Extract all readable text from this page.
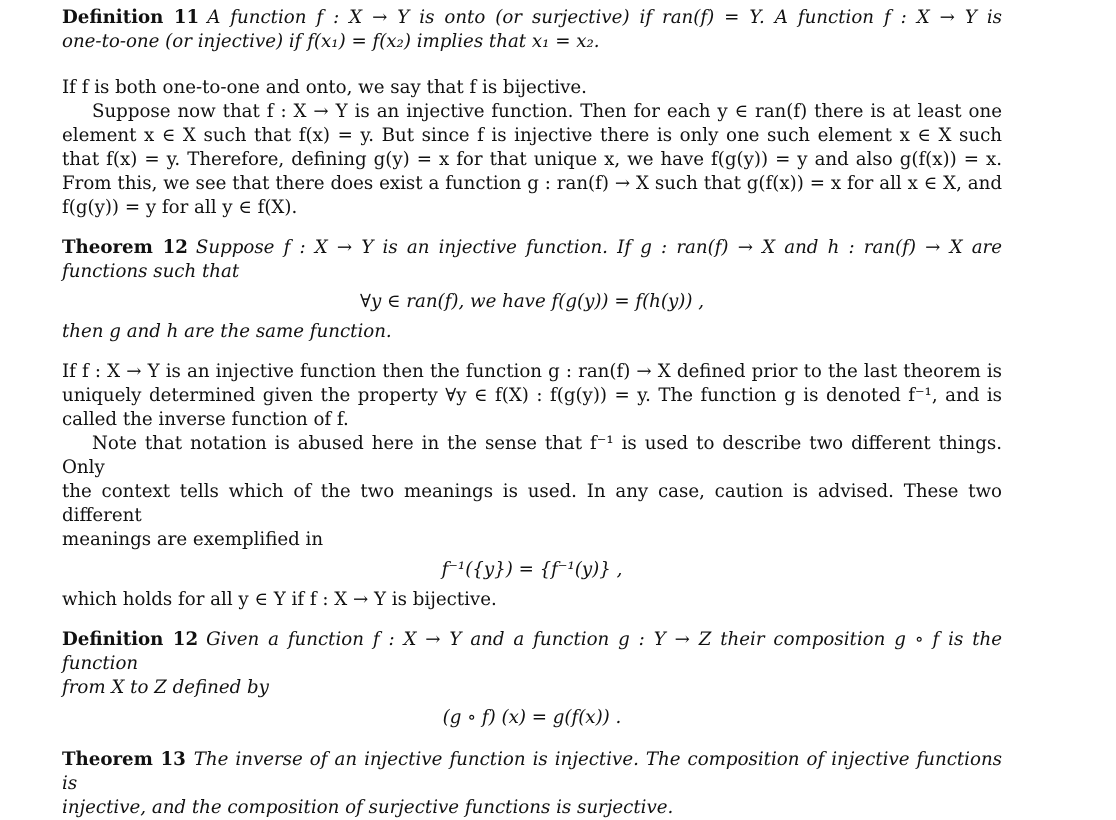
Definition 11 A function f : X → Y is onto (or surjective) if ran(f) = Y. A function f : X → Y is
one-to-one (or injective) if f(x₁) = f(x₂) implies that x₁ = x₂.
If f is both one-to-one and onto, we say that f is bijective.
Suppose now that f : X → Y is an injective function. Then for each y ∈ ran(f) there is at least one
element x ∈ X such that f(x) = y. But since f is injective there is only one such element x ∈ X such
that f(x) = y. Therefore, defining g(y) = x for that unique x, we have f(g(y)) = y and also g(f(x)) = x.
From this, we see that there does exist a function g : ran(f) → X such that g(f(x)) = x for all x ∈ X, and
f(g(y)) = y for all y ∈ f(X).
Theorem 12 Suppose f : X → Y is an injective function. If g : ran(f) → X and h : ran(f) → X are
functions such that
∀y ∈ ran(f), we have f(g(y)) = f(h(y)) ,
then g and h are the same function.
If f : X → Y is an injective function then the function g : ran(f) → X defined prior to the last theorem is
uniquely determined given the property ∀y ∈ f(X) : f(g(y)) = y. The function g is denoted f⁻¹, and is
called the inverse function of f.
Note that notation is abused here in the sense that f⁻¹ is used to describe two different things. Only
the context tells which of the two meanings is used. In any case, caution is advised. These two different
meanings are exemplified in
f⁻¹({y}) = {f⁻¹(y)} ,
which holds for all y ∈ Y if f : X → Y is bijective.
Definition 12 Given a function f : X → Y and a function g : Y → Z their composition g ∘ f is the function
from X to Z defined by
(g ∘ f) (x) = g(f(x)) .
Theorem 13 The inverse of an injective function is injective. The composition of injective functions is
injective, and the composition of surjective functions is surjective.
